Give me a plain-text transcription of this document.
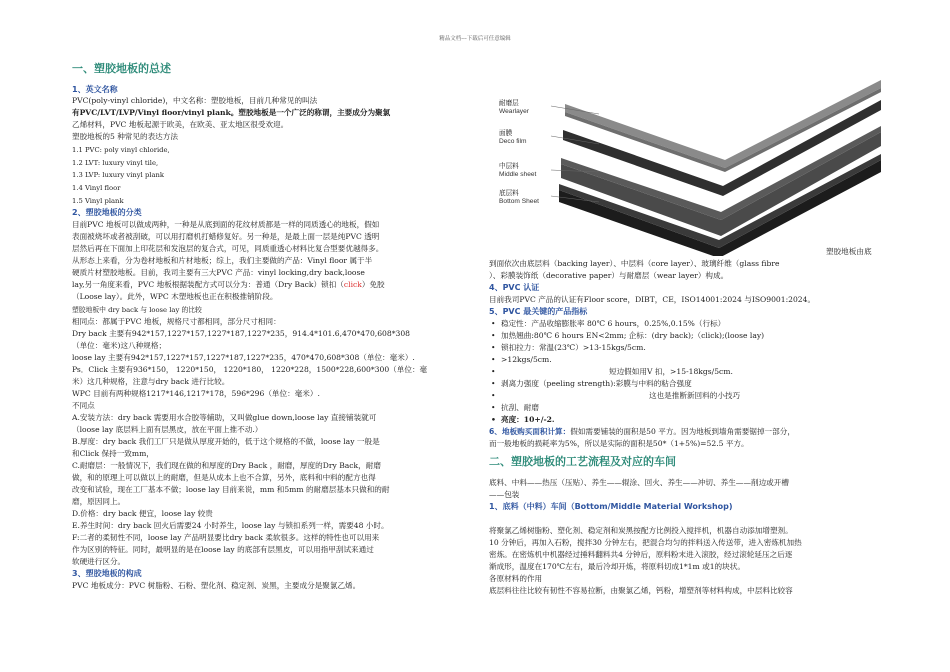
精品文档---下载后可任意编辑
一、塑胶地板的总述
1、英文名称
PVC(poly-vinyl chloride)，中文名称：塑胶地板，目前几种常见的叫法
有PVC/LVT/LVP/Vinyl floor/vinyl plank。塑胶地板是一个广泛的称谓，主要成分为聚氯
乙烯材料，PVC 地板起源于欧美，在欧美、亚太地区很受欢迎。
塑胶地板的5 种常见的表达方法
1.1 PVC: poly vinyl chloride,
1.2 LVT: luxury vinyl tile,
1.3 LVP: luxury vinyl plank
1.4 Vinyl floor
1.5 Vinyl plank
2、塑胶地板的分类
目前PVC 地板可以做成两种，一种是从底到面的花纹材质都是一样的同质透心的地板，假如
表面被烧坏或者被刮破，可以用打磨机打蜡修复好。另一种是，是最上面一层是纯PVC 透明
层然后再在下面加上印花层和发泡层的复合式，可见，同质重透心材料比复合型要优越得多。
从形态上来看，分为卷材地板和片材地板；综上，我们主要做的产品：Vinyl floor 属于半
硬质片材塑胶地板。目前，我司主要有三大PVC 产品：vinyl locking,dry back,loose
lay,另一角度来看，PVC 地板根据装配方式可以分为：普通（Dry Back）锁扣（click）免胶
（Loose lay）。此外，WPC 木塑地板也正在积极推销阶段。
塑胶地板中 dry back 与 loose lay 的比较
相同点：都属于PVC 地板，规格尺寸都相同，部分尺寸相同：
Dry back 主要有942*157,1227*157,1227*187,1227*235，914.4*101.6,470*470,608*308
（单位：毫米)这八种规格；
loose lay 主要有942*157,1227*157,1227*187,1227*235，470*470,608*308（单位：毫米）.
Ps．Click 主要有936*150， 1220*150， 1220*180， 1220*228，1500*228,600*300（单位：毫
米）这几种规格，注意与dry back 进行比较。
WPC 目前有两种规格1217*146,1217*178，596*296（单位：毫米）.
不同点
A.安装方法：dry back 需要用水合胶等辅助，又叫做glue down,loose lay 直接铺装就可
（loose lay 底层料上面有层黑皮，放在平面上推不动.）
B.厚度：dry back 我们工厂只是做从厚度开始的，低于这个规格的不做，loose lay 一般是
和Click 保持一致mm，
C.耐磨层：一般情况下，我们现在做的和厚度的Dry Back ，耐磨，厚度的Dry Back，耐磨
做，和的原理上可以做以上的耐磨，但是从成本上也不合算，另外，底料和中料的配方也得
改变和试验，现在工厂基本不做；loose lay 目前来说，mm 和5mm 的耐磨层基本只做和的耐
磨，原因同上。
D.价格：dry back 便宜，loose lay 较贵
E.养生时间：dry back 回火后需要24 小时养生，loose lay 与锁扣系列一样，需要48 小时。
F:二者的柔韧性不同，loose lay 产品明显要比dry back 柔软很多。这样的特性也可以用来
作为区别的特征。同时，最明显的是在loose lay 的底部有层黑皮，可以用指甲刮试来通过
软硬进行区分。
3、塑胶地板的构成
PVC 地板成分：PVC 树脂粉、石粉、塑化剂、稳定剂、炭黑，主要成分是聚氯乙烯。
耐磨层
Wearlayer
面膜
Deco film
中层料
Middle sheet
底层料
Bottom Sheet
塑胶地板由底
到面依次由底层料（backing layer）、中层料（core layer）、玻璃纤维（glass fibre
）、彩膜装饰纸（decorative paper）与耐磨层（wear layer）构成。
4、PVC 认证
目前我司PVC 产品的认证有Floor score，DIBT，CE，ISO14001:2024 与ISO9001:2024。
5、PVC 最关键的产品指标
• 稳定性：产品收缩膨胀率 80℃ 6 hours，0.25%,0.15%（行标）
• 加热翘曲:80℃ 6 hours EN<2mm; 企标：(dry back);（click);(loose lay)
• 锁扣拉力：常温(23℃）>13-15kgs/5cm.
• >12kgs/5cm.
• 短边假如用V 扣，>15-18kgs/5cm.
• 剥离力强度（peeling strength):彩膜与中料的粘合强度
• 这也是推断新回料的小技巧
• 抗刮、耐磨
• 亮度：10+/-2.
6、地板购买面积计算：假如需要铺装的面积是50 平方。因为地板到墙角需要锯掉一部分，
而一般地板的损耗率为5%，所以是实际的面积是50*（1+5%)=52.5 平方。
二、塑胶地板的工艺流程及对应的车间
底料、中料——热压（压贴）、养生——辊涂、回火、养生——冲切、养生——削边或开槽
——包装
1、底料（中料）车间（Bottom/Middle Material Workshop)
将聚氯乙烯树脂粉、塑化剂、稳定剂和炭黑按配方比例投入搅拌机，机器自动添加增塑剂。
10 分钟后，再加入石粉，搅拌30 分钟左右，把混合均匀的拌料送入传送带，进入密炼机加热
密炼。在密炼机中机器经过捶料翻料共4 分钟后，原料粉末进入滚胶，经过滚轮延压之后逐
渐成形，温度在170℃左右，最后冷却开炼，将原料切成1*1m 或1的块状。
各原材料的作用
底层料往往比较有韧性不容易拉断，由聚氯乙烯，钙粉，增塑剂等材料构成，中层料比较容
